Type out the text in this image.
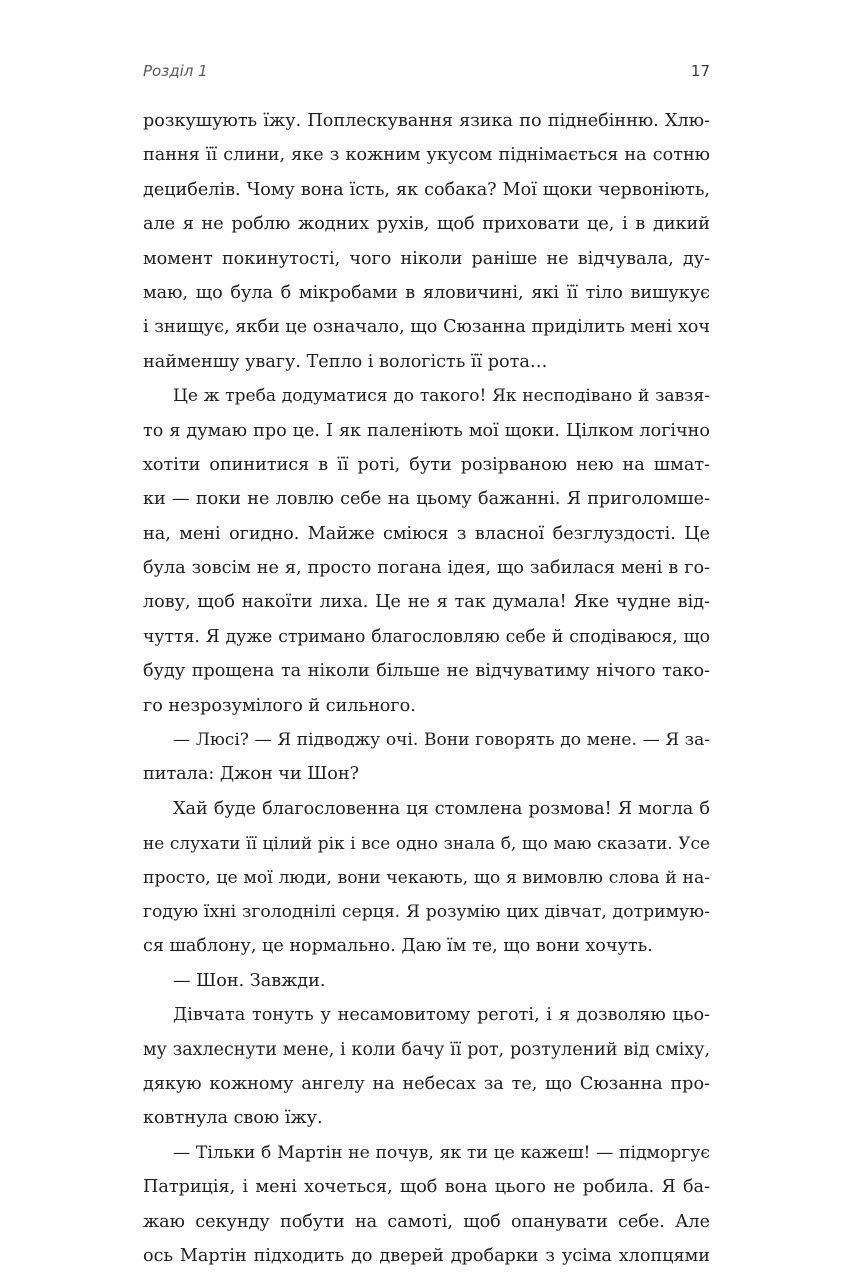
Розділ 1	17
розкушують їжу. Поплескування язика по піднебінню. Хлю-
пання її слини, яке з кожним укусом піднімається на сотню
децибелів. Чому вона їсть, як собака? Мої щоки червоніють,
але я не роблю жодних рухів, щоб приховати це, і в дикий
момент покинутості, чого ніколи раніше не відчувала, ду-
маю, що була б мікробами в яловичині, які її тіло вишукує
і знищує, якби це означало, що Сюзанна приділить мені хоч
найменшу увагу. Тепло і вологість її рота…
Це ж треба додуматися до такого! Як несподівано й завзя-
то я думаю про це. І як паленіють мої щоки. Цілком логічно
хотіти опинитися в її роті, бути розірваною нею на шмат-
ки — поки не ловлю себе на цьому бажанні. Я приголомше-
на, мені огидно. Майже сміюся з власної безглуздості. Це
була зовсім не я, просто погана ідея, що забилася мені в го-
лову, щоб накоїти лиха. Це не я так думала! Яке чудне від-
чуття. Я дуже стримано благословляю себе й сподіваюся, що
буду прощена та ніколи більше не відчуватиму нічого тако-
го незрозумілого й сильного.
— Люсі? — Я підводжу очі. Вони говорять до мене. — Я за-
питала: Джон чи Шон?
Хай буде благословенна ця стомлена розмова! Я могла б
не слухати її цілий рік і все одно знала б, що маю сказати. Усе
просто, це мої люди, вони чекають, що я вимовлю слова й на-
годую їхні зголоднілі серця. Я розумію цих дівчат, дотримую-
ся шаблону, це нормально. Даю їм те, що вони хочуть.
— Шон. Завжди.
Дівчата тонуть у несамовитому реготі, і я дозволяю цьо-
му захлеснути мене, і коли бачу її рот, розтулений від сміху,
дякую кожному ангелу на небесах за те, що Сюзанна про-
ковтнула свою їжу.
— Тільки б Мартін не почув, як ти це кажеш! — підморгує
Патриція, і мені хочеться, щоб вона цього не робила. Я ба-
жаю секунду побути на самоті, щоб опанувати себе. Але
ось Мартін підходить до дверей дробарки з усіма хлопцями
